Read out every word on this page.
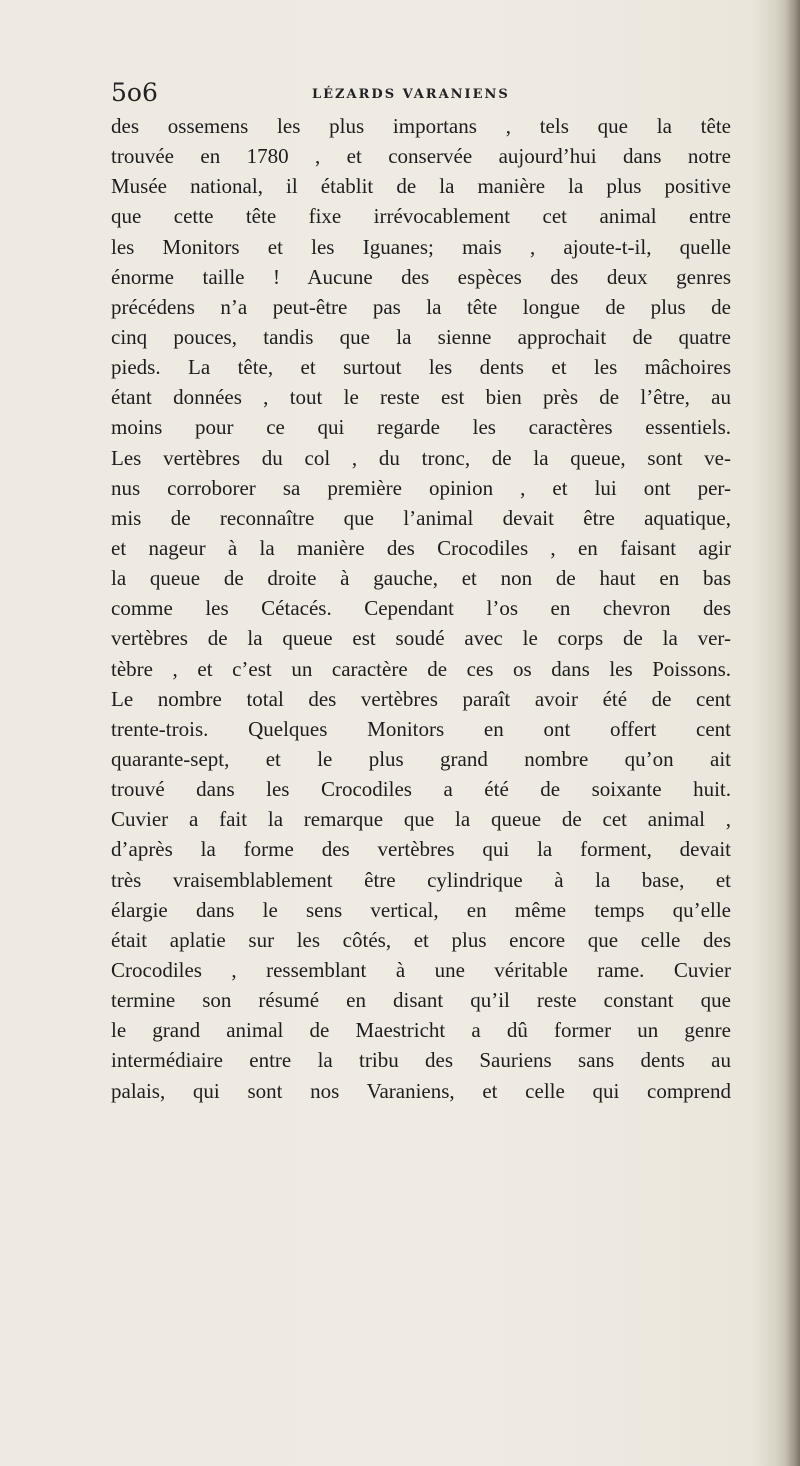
5o6	LÉZARDS VARANIENS
des ossemens les plus importans , tels que la tête
trouvée en 1780 , et conservée aujourd’hui dans notre
Musée national, il établit de la manière la plus positive
que cette tête fixe irrévocablement cet animal entre
les Monitors et les Iguanes; mais , ajoute-t-il, quelle
énorme taille ! Aucune des espèces des deux genres
précédens n’a peut-être pas la tête longue de plus de
cinq pouces, tandis que la sienne approchait de quatre
pieds. La tête, et surtout les dents et les mâchoires
étant données , tout le reste est bien près de l’être, au
moins pour ce qui regarde les caractères essentiels.
Les vertèbres du col , du tronc, de la queue, sont ve-
nus corroborer sa première opinion , et lui ont per-
mis de reconnaître que l’animal devait être aquatique,
et nageur à la manière des Crocodiles , en faisant agir
la queue de droite à gauche, et non de haut en bas
comme les Cétacés. Cependant l’os en chevron des
vertèbres de la queue est soudé avec le corps de la ver-
tèbre , et c’est un caractère de ces os dans les Poissons.
Le nombre total des vertèbres paraît avoir été de cent
trente-trois. Quelques Monitors en ont offert cent
quarante-sept, et le plus grand nombre qu’on ait
trouvé dans les Crocodiles a été de soixante huit.
Cuvier a fait la remarque que la queue de cet animal ,
d’après la forme des vertèbres qui la forment, devait
très vraisemblablement être cylindrique à la base, et
élargie dans le sens vertical, en même temps qu’elle
était aplatie sur les côtés, et plus encore que celle des
Crocodiles , ressemblant à une véritable rame. Cuvier
termine son résumé en disant qu’il reste constant que
le grand animal de Maestricht a dû former un genre
intermédiaire entre la tribu des Sauriens sans dents au
palais, qui sont nos Varaniens, et celle qui comprend
